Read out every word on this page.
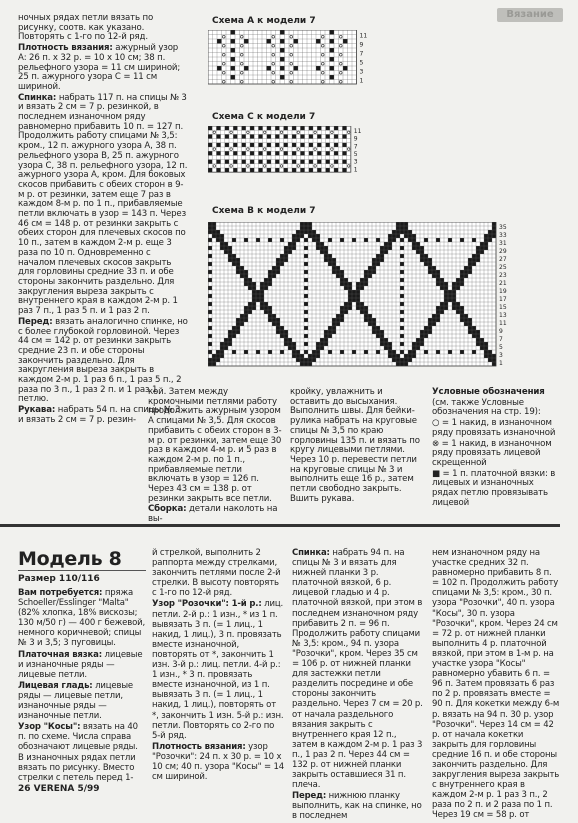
Вязание

ночных рядах петли вязать по рисунку, соотв. как указано. Повторять с 1-го по 12-й ряд.

Плотность вязания: ажурный узор А: 26 п. х 32 р. = 10 х 10 см; 38 п. рельефного узора = 11 см шириной; 25 п. ажурного узора С = 11 см шириной.

Спинка: набрать 117 п. на спицы № 3 и вязать 2 см = 7 р. резинкой, в последнем изнаночном ряду равномерно прибавить 10 п. = 127 п. Продолжить работу спицами № 3,5: кром., 12 п. ажурного узора А, 38 п. рельефного узора В, 25 п. ажурного узора С, 38 п. рельефного узора, 12 п. ажурного узора А, кром. Для боковых скосов прибавить с обеих сторон в 9-м р. от резинки, затем еще 7 раз в каждом 8-м р. по 1 п., прибавляемые петли включать в узор = 143 п. Через 46 см = 148 р. от резинки закрыть с обеих сторон для плечевых скосов по 10 п., затем в каждом 2-м р. еще 3 раза по 10 п. Одновременно с началом плечевых скосов закрыть для горловины средние 33 п. и обе стороны закончить раздельно. Для закругления выреза закрыть с внутреннего края в каждом 2-м р. 1 раз 7 п., 1 раз 5 п. и 1 раз 2 п.

Перед: вязать аналогично спинке, но с более глубокой горловиной. Через 44 см = 142 р. от резинки закрыть средние 23 п. и обе стороны закончить раздельно. Для закругления выреза закрыть в каждом 2-м р. 1 раз 6 п., 1 раз 5 п., 2 раза по 3 п., 1 раз 2 п. и 1 раз 1 петлю.

Рукава: набрать 54 п. на спицы № 3 и вязать 2 см = 7 р. резин-

Схема А к модели 7
11
9
7
5
3
1
Схема С к модели 7
11
9
7
5
3
1
Схема В к модели 7
35
33
31
29
27
25
23
21
19
17
15
13
11
9
7
5
3
1

кой. Затем между кромочными петлями работу продолжить ажурным узором А спицами № 3,5. Для скосов прибавить с обеих сторон в 3-м р. от резинки, затем еще 30 раз в каждом 4-м р. и 5 раз в каждом 2-м р. по 1 п., прибавляемые петли включать в узор = 126 п. Через 43 см = 138 р. от резинки закрыть все петли.

Сборка: детали наколоть на вы-

кройку, увлажнить и оставить до высыхания. Выполнить швы. Для бейки-рулика набрать на круговые спицы № 3,5 по краю горловины 135 п. и вязать по кругу лицевыми петлями. Через 10 р. перевести петли на круговые спицы № 3 и выполнить еще 16 р., затем петли свободно закрыть. Вшить рукава.

Условные обозначения

(см. также Условные обозначения на стр. 19):

○ = 1 накид, в изнаночном ряду провязать изнаночной

⊗ = 1 накид, в изнаночном ряду провязать лицевой скрещенной

■ = 1 п. платочной вязки: в лицевых и изнаночных рядах петлю провязывать лицевой

Модель 8
Размер 110/116

Вам потребуется: пряжа Schoeller/Esslinger "Malta" (82% хлопка, 18% вискозы; 130 м/50 г) — 400 г бежевой, немного коричневой; спицы № 3 и 3,5; 3 пуговицы.

Платочная вязка: лицевые и изнаночные ряды — лицевые петли.

Лицевая гладь: лицевые ряды — лицевые петли, изнаночные ряды — изнаночные петли.

Узор "Косы": вязать на 40 п. по схеме. Числа справа обозначают лицевые ряды. В изнаночных рядах петли вязать по рисунку. Вместо стрелки с петель перед 1-

й стрелкой, выполнить 2 раппорта между стрелками, закончить петлями после 2-й стрелки. В высоту повторять с 1-го по 12-й ряд.

Узор "Розочки": 1-й р.: лиц. петли. 2-й р.: 1 изн., * из 1 п. вывязать 3 п. (= 1 лиц., 1 накид, 1 лиц.), 3 п. провязать вместе изнаночной, повторять от *, закончить 1 изн. 3-й р.: лиц. петли. 4-й р.: 1 изн., * 3 п. провязать вместе изнаночной, из 1 п. вывязать 3 п. (= 1 лиц., 1 накид, 1 лиц.), повторять от *, закончить 1 изн. 5-й р.: изн. петли. Повторять со 2-го по 5-й ряд.

Плотность вязания: узор "Розочки": 24 п. х 30 р. = 10 х 10 см; 40 п. узора "Косы" = 14 см шириной.

Спинка: набрать 94 п. на спицы № 3 и вязать для нижней планки 3 р. платочной вязкой, 6 р. лицевой гладью и 4 р. платочной вязкой, при этом в последнем изнаночном ряду прибавить 2 п. = 96 п. Продолжить работу спицами № 3,5: кром., 94 п. узора "Розочки", кром. Через 35 см = 106 р. от нижней планки для застежки петли разделить посредине и обе стороны закончить раздельно. Через 7 см = 20 р. от начала раздельного вязания закрыть с внутреннего края 12 п., затем в каждом 2-м р. 1 раз 3 п., 1 раз 2 п. Через 44 см = 132 р. от нижней планки закрыть оставшиеся 31 п. плеча.

Перед: нижнюю планку выполнить, как на спинке, но в последнем

нем изнаночном ряду на участке средних 32 п. равномерно прибавить 8 п. = 102 п. Продолжить работу спицами № 3,5: кром., 30 п. узора "Розочки", 40 п. узора "Косы", 30 п. узора "Розочки", кром. Через 24 см = 72 р. от нижней планки выполнить 4 р. платочной вязкой, при этом в 1-м р. на участке узора "Косы" равномерно убавить 6 п. = 96 п. Затем провязать 6 раз по 2 р. провязать вместе = 90 п. Для кокетки между 6-м р. вязать на 94 п. 30 р. узор "Розочки". Через 14 см = 42 р. от начала кокетки закрыть для горловины средние 16 п. и обе стороны закончить раздельно. Для закругления выреза закрыть с внутреннего края в каждом 2-м р. 1 раз 3 п., 2 раза по 2 п. и 2 раза по 1 п. Через 19 см = 58 р. от

26 VERENA 5/99
